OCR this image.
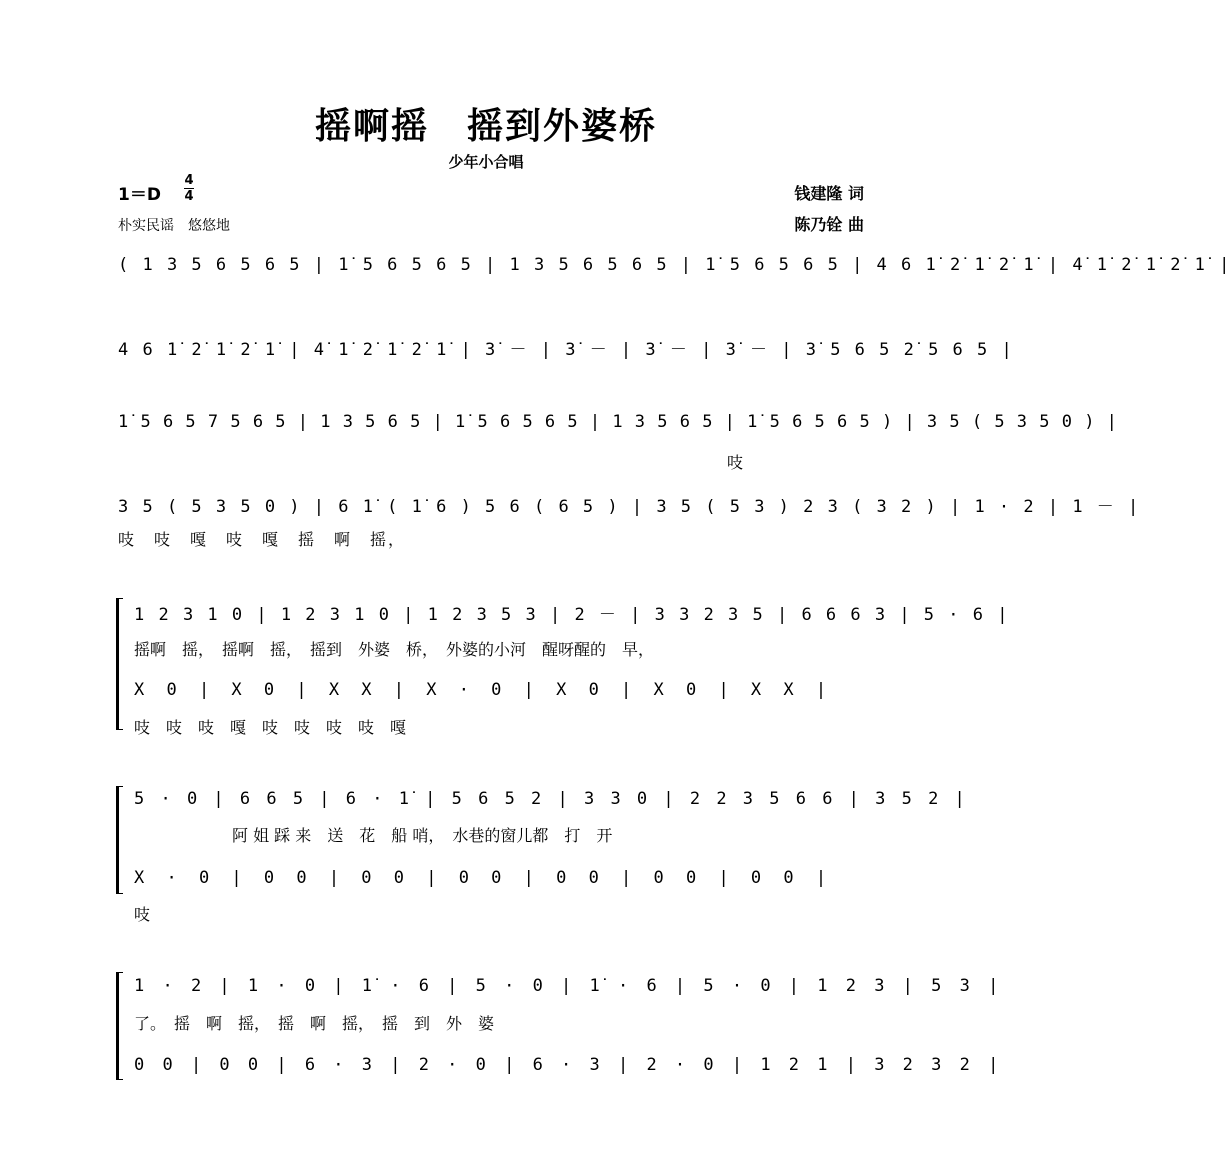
摇啊摇　摇到外婆桥
少年小合唱
1＝D
4
4
朴实民谣　悠悠地
钱建隆 词
陈乃铨 曲
( 1 3 5 6 5 6 5 | 1̇ 5 6 5 6 5 | 1 3 5 6 5 6 5 | 1̇ 5 6 5 6 5 | 4 6 1̇ 2̇ 1̇ 2̇ 1̇ | 4̇ 1̇ 2̇ 1̇ 2̇ 1̇ |
4 6 1̇ 2̇ 1̇ 2̇ 1̇ | 4̇ 1̇ 2̇ 1̇ 2̇ 1̇ | 3̇ － | 3̇ － | 3̇ － | 3̇ － | 3̇ 5 6 5 2̇ 5 6 5 |
1̇ 5 6 5 7 5 6 5 | 1 3 5 6 5 | 1̇ 5 6 5 6 5 | 1 3 5 6 5 | 1̇ 5 6 5 6 5 ) | 3 5 ( 5 3 5 0 ) |
吱
3 5 ( 5 3 5 0 ) | 6 1̇ ( 1̇ 6 ) 5 6 ( 6 5 ) | 3 5 ( 5 3 ) 2 3 ( 3 2 ) | 1 · 2 | 1 － |
吱　吱　嘎　吱　嘎　摇　啊　摇，
1 2 3 1 0 | 1 2 3 1 0 | 1 2 3 5 3 | 2 － | 3 3 2 3 5 | 6 6 6 3 | 5 · 6 |
摇啊　摇，　摇啊　摇，　摇到　外婆　桥，　外婆的小河　醒呀醒的　早，
X 0 | X 0 | X X | X · 0 | X 0 | X 0 | X X |
吱　吱　吱　嘎　吱　吱　吱　吱　嘎
5 · 0 | 6 6 5 | 6 · 1̇ | 5 6 5 2 | 3 3 0 | 2 2 3 5 6 6 | 3 5 2 |
阿 姐 踩 来　送　花　船 哨，　水巷的窗儿都　打　开
X · 0 | 0 0 | 0 0 | 0 0 | 0 0 | 0 0 | 0 0 |
吱
1 · 2 | 1 · 0 | 1̇ · 6 | 5 · 0 | 1̇ · 6 | 5 · 0 | 1 2 3 | 5 3 |
了。　摇　啊　摇，　摇　啊　摇，　摇　到　外　婆
0 0 | 0 0 | 6 · 3 | 2 · 0 | 6 · 3 | 2 · 0 | 1 2 1 | 3 2 3 2 |
